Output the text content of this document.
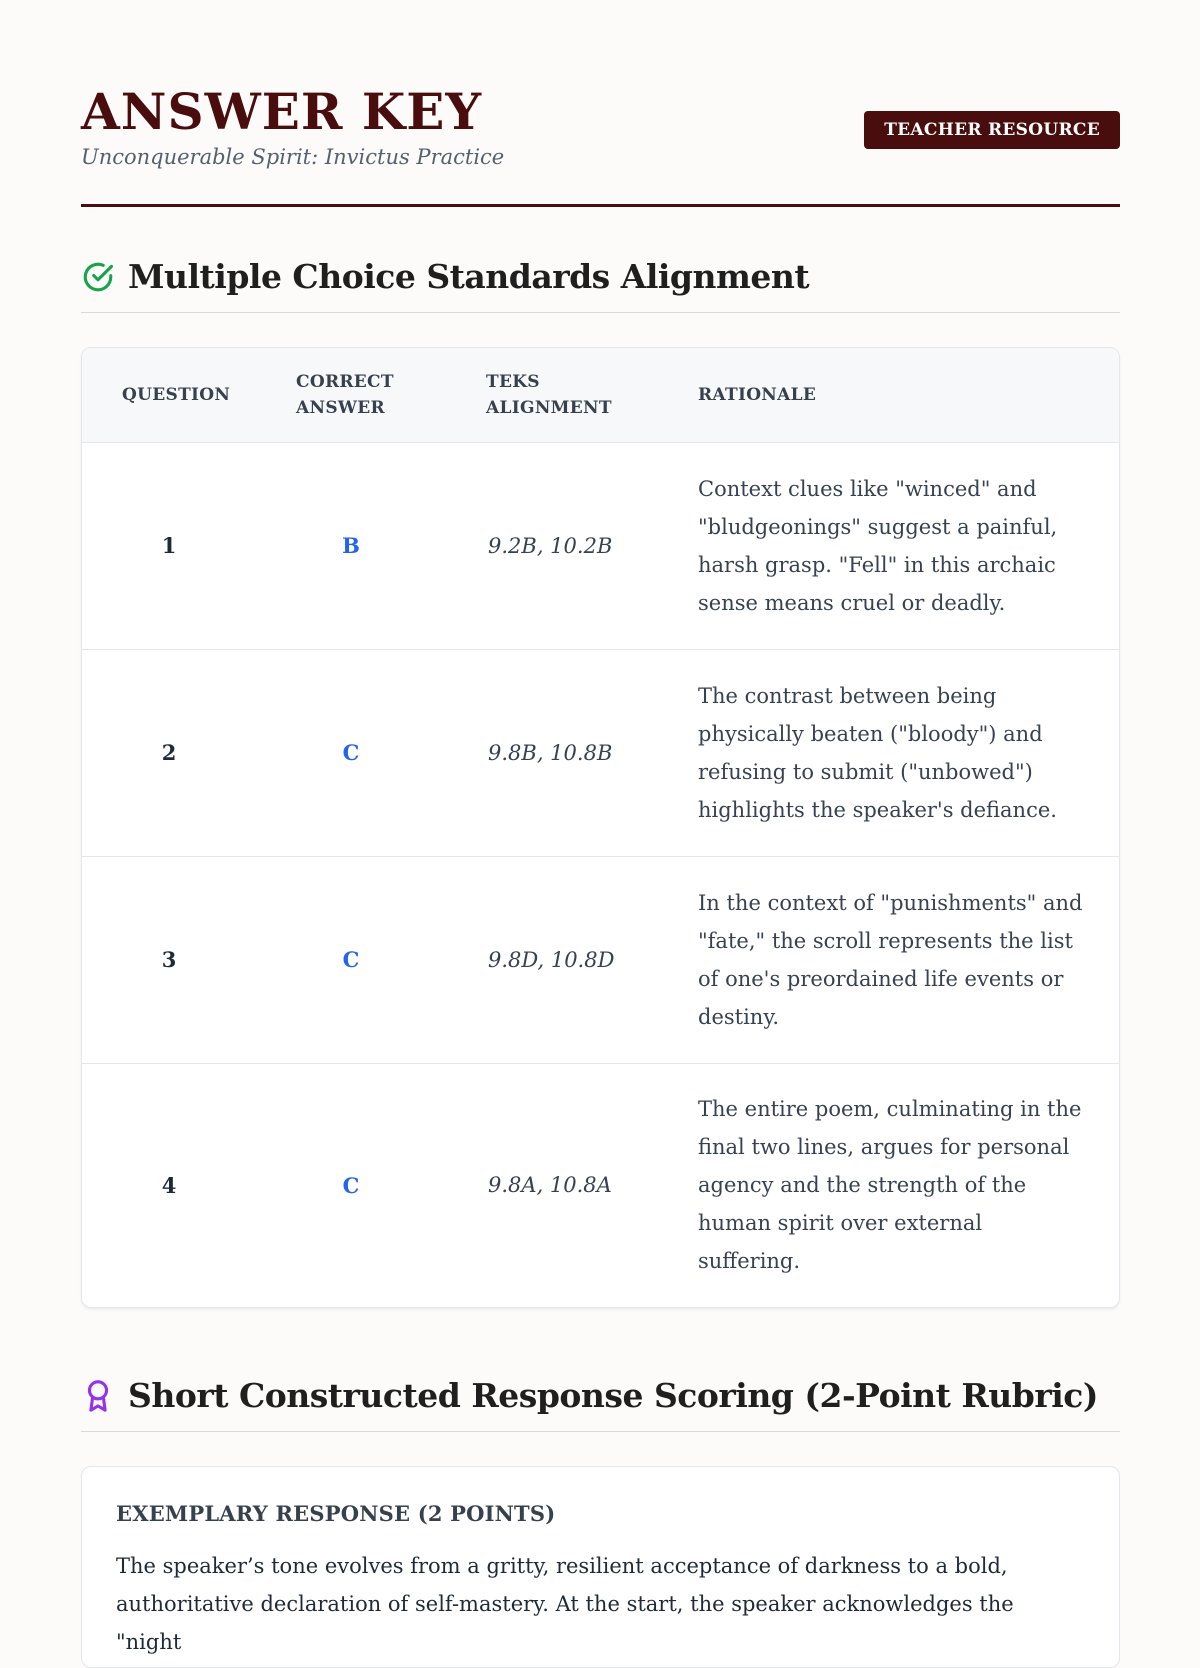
ANSWER KEY
Unconquerable Spirit: Invictus Practice
TEACHER RESOURCE
Multiple Choice Standards Alignment
QUESTION	CORRECT ANSWER	TEKS ALIGNMENT	RATIONALE
1	B	9.2B, 10.2B	Context clues like "winced" and "bludgeonings" suggest a painful, harsh grasp. "Fell" in this archaic sense means cruel or deadly.
2	C	9.8B, 10.8B	The contrast between being physically beaten ("bloody") and refusing to submit ("unbowed") highlights the speaker's defiance.
3	C	9.8D, 10.8D	In the context of "punishments" and "fate," the scroll represents the list of one's preordained life events or destiny.
4	C	9.8A, 10.8A	The entire poem, culminating in the final two lines, argues for personal agency and the strength of the human spirit over external suffering.
Short Constructed Response Scoring (2-Point Rubric)
EXEMPLARY RESPONSE (2 POINTS)

The speaker’s tone evolves from a gritty, resilient acceptance of darkness to a bold, authoritative declaration of self-mastery. At the start, the speaker acknowledges the "night
